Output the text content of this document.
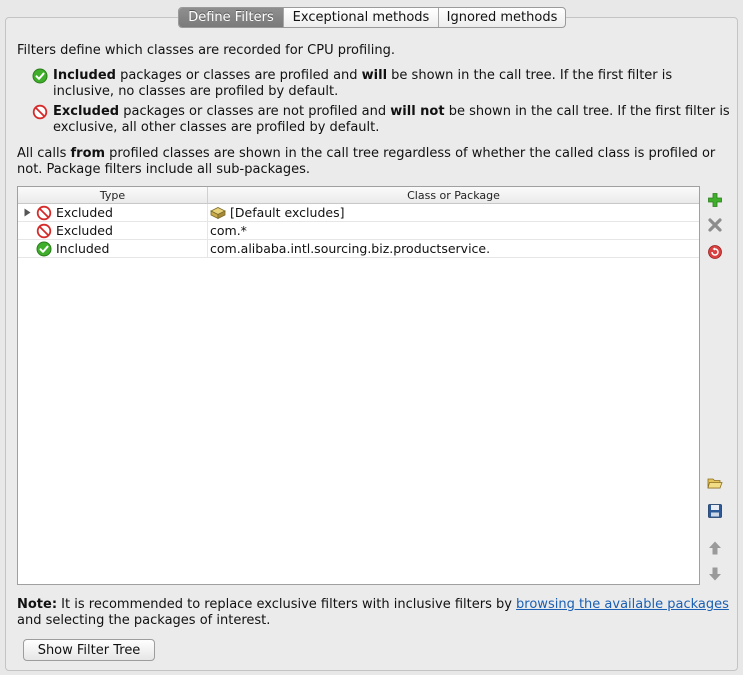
Define Filters	Exceptional methods	Ignored methods
Filters define which classes are recorded for CPU profiling.
Included packages or classes are profiled and will be shown in the call tree. If the first filter is
inclusive, no classes are profiled by default.
Excluded packages or classes are not profiled and will not be shown in the call tree. If the first filter is
exclusive, all other classes are profiled by default.
All calls from profiled classes are shown in the call tree regardless of whether the called class is profiled or
not. Package filters include all sub-packages.
Type	Class or Package
Excluded	[Default excludes]
Excluded	com.*
Included	com.alibaba.intl.sourcing.biz.productservice.
Note: It is recommended to replace exclusive filters with inclusive filters by browsing the available packages
and selecting the packages of interest.
Show Filter Tree
